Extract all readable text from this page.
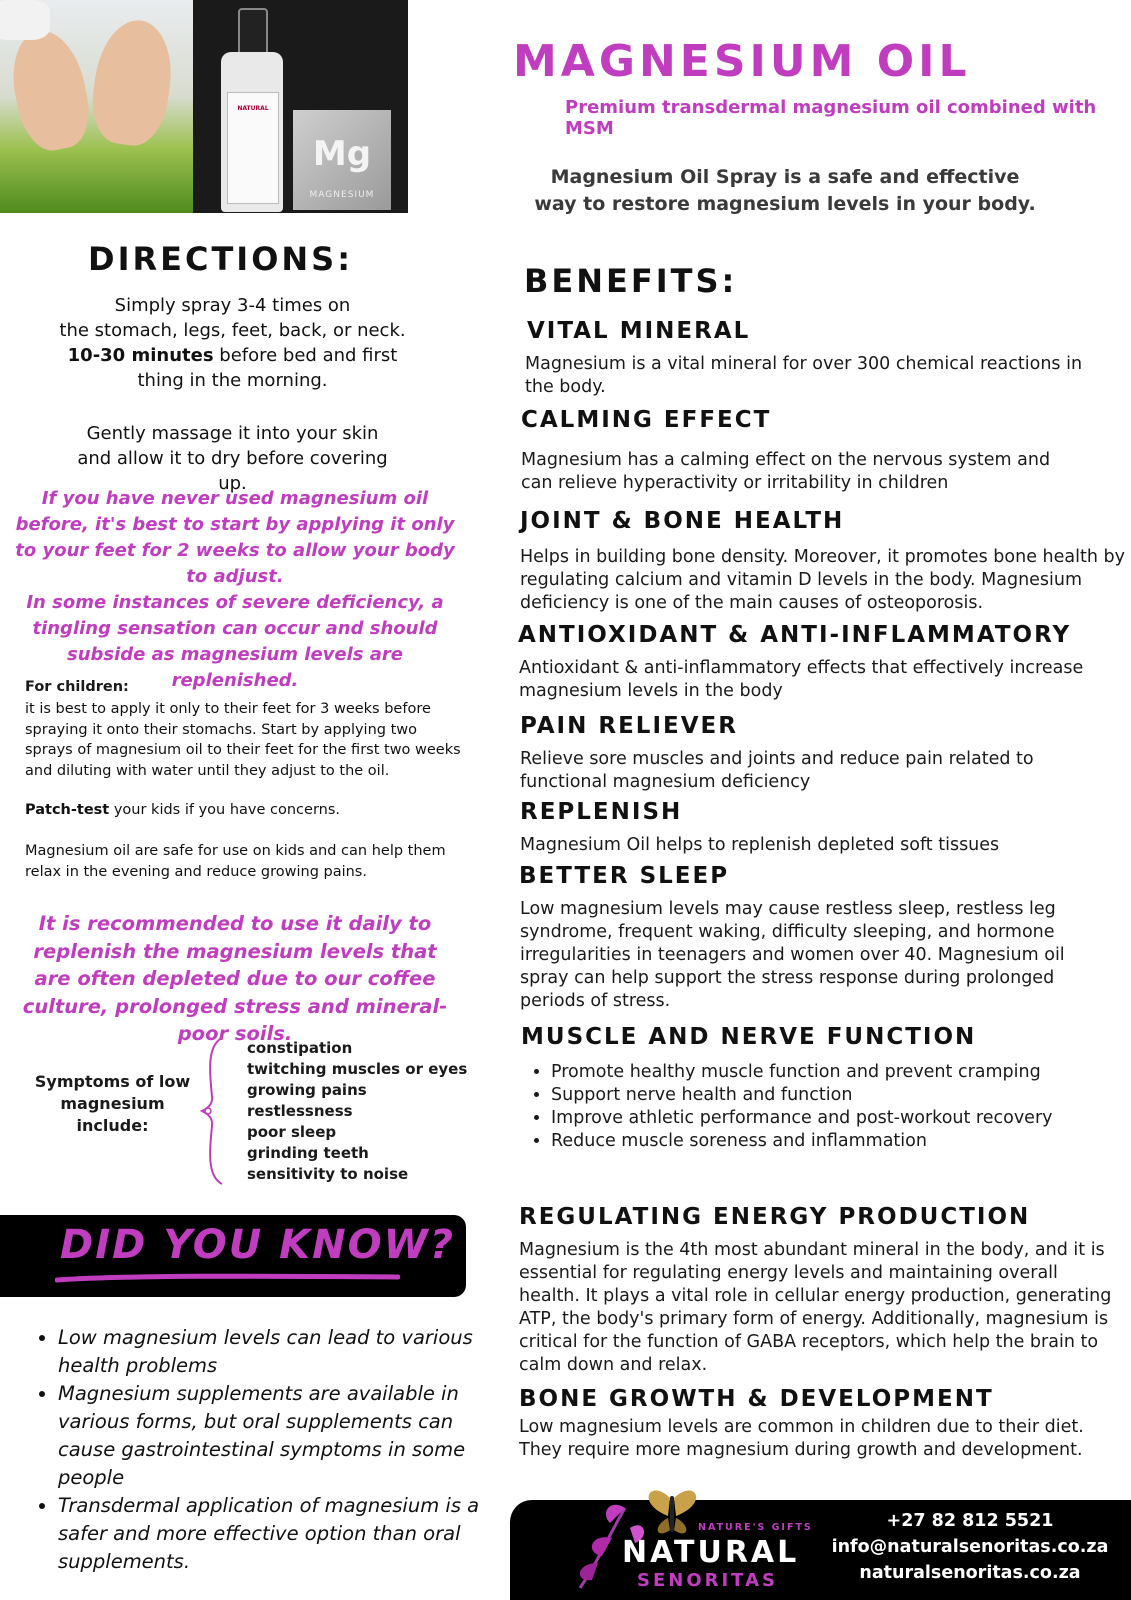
NATURAL
Mg
MAGNESIUM
MAGNESIUM OIL
Premium transdermal magnesium oil combined with MSM
Magnesium Oil Spray is a safe and effective way to restore magnesium levels in your body.
DIRECTIONS:
Simply spray 3-4 times on
the stomach, legs, feet, back, or neck.
10-30 minutes before bed and first
thing in the morning.
Gently massage it into your skin and allow it to dry before covering up.
If you have never used magnesium oil before, it's best to start by applying it only to your feet for 2 weeks to allow your body to adjust.
In some instances of severe deficiency, a tingling sensation can occur and should subside as magnesium levels are replenished.
For children:
it is best to apply it only to their feet for 3 weeks before spraying it onto their stomachs. Start by applying two sprays of magnesium oil to their feet for the first two weeks and diluting with water until they adjust to the oil.
Patch-test your kids if you have concerns.
Magnesium oil are safe for use on kids and can help them relax in the evening and reduce growing pains.
It is recommended to use it daily to replenish the magnesium levels that are often depleted due to our coffee culture, prolonged stress and mineral-poor soils.
Symptoms of low magnesium include:
constipation
twitching muscles or eyes
growing pains
restlessness
poor sleep
grinding teeth
sensitivity to noise
DID YOU KNOW?
• Low magnesium levels can lead to various health problems
• Magnesium supplements are available in various forms, but oral supplements can cause gastrointestinal symptoms in some people
• Transdermal application of magnesium is a safer and more effective option than oral supplements.
BENEFITS:
VITAL MINERAL
Magnesium is a vital mineral for over 300 chemical reactions in the body.
CALMING EFFECT
Magnesium has a calming effect on the nervous system and can relieve hyperactivity or irritability in children
JOINT & BONE HEALTH
Helps in building bone density. Moreover, it promotes bone health by regulating calcium and vitamin D levels in the body. Magnesium deficiency is one of the main causes of osteoporosis.
ANTIOXIDANT & ANTI-INFLAMMATORY
Antioxidant & anti-inflammatory effects that effectively increase magnesium levels in the body
PAIN RELIEVER
Relieve sore muscles and joints and reduce pain related to functional magnesium deficiency
REPLENISH
Magnesium Oil helps to replenish depleted soft tissues
BETTER SLEEP
Low magnesium levels may cause restless sleep, restless leg syndrome, frequent waking, difficulty sleeping, and hormone irregularities in teenagers and women over 40. Magnesium oil spray can help support the stress response during prolonged periods of stress.
MUSCLE AND NERVE FUNCTION
• Promote healthy muscle function and prevent cramping
• Support nerve health and function
• Improve athletic performance and post-workout recovery
• Reduce muscle soreness and inflammation
REGULATING ENERGY PRODUCTION
Magnesium is the 4th most abundant mineral in the body, and it is essential for regulating energy levels and maintaining overall health. It plays a vital role in cellular energy production, generating ATP, the body's primary form of energy. Additionally, magnesium is critical for the function of GABA receptors, which help the brain to calm down and relax.
BONE GROWTH & DEVELOPMENT
Low magnesium levels are common in children due to their diet. They require more magnesium during growth and development.
NATURE'S GIFTS
NATURAL
SENORITAS
+27 82 812 5521
info@naturalsenoritas.co.za
naturalsenoritas.co.za
